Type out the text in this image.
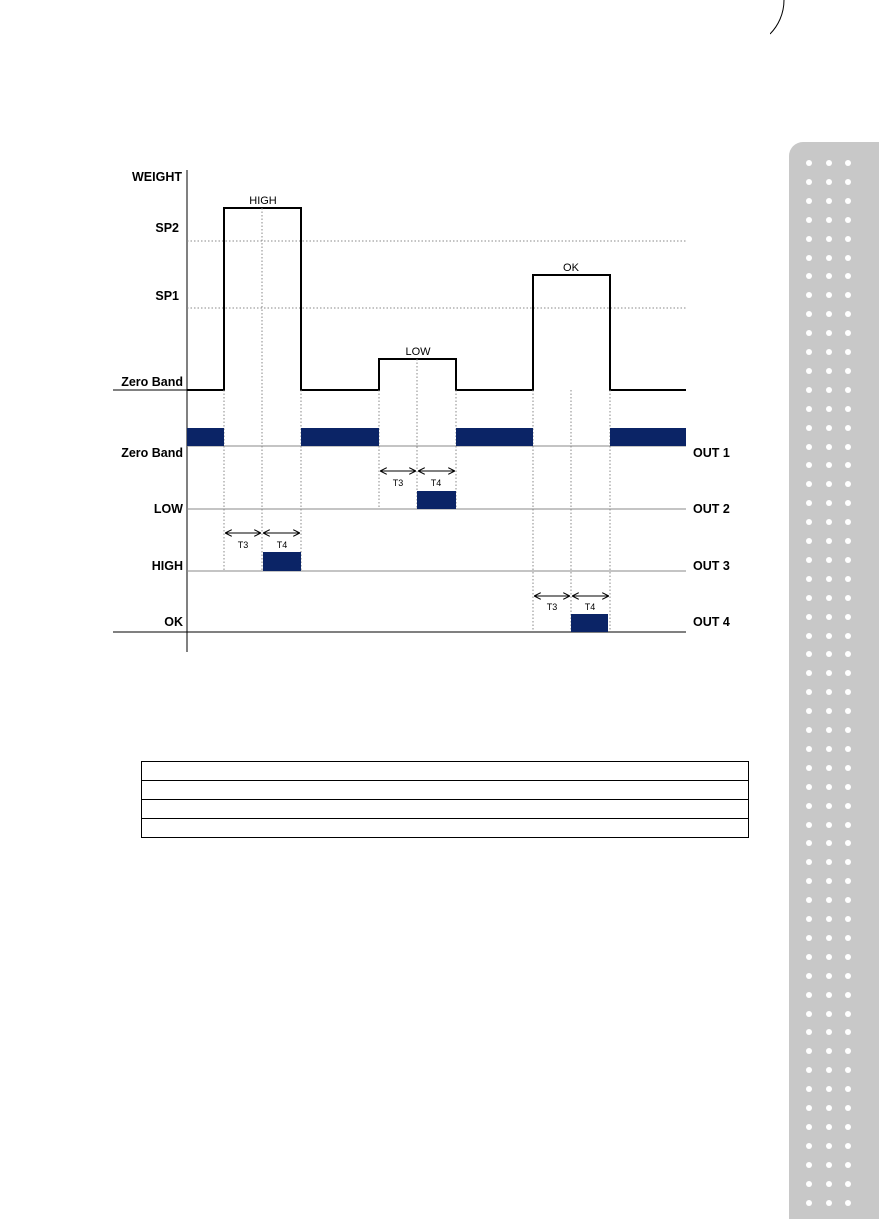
T3	T4
T3	T4
T3	T4
HIGH
LOW
OK
WEIGHT
SP2
SP1
Zero Band
Zero Band
LOW
HIGH
OK
OUT 1
OUT 2
OUT 3
OUT 4
